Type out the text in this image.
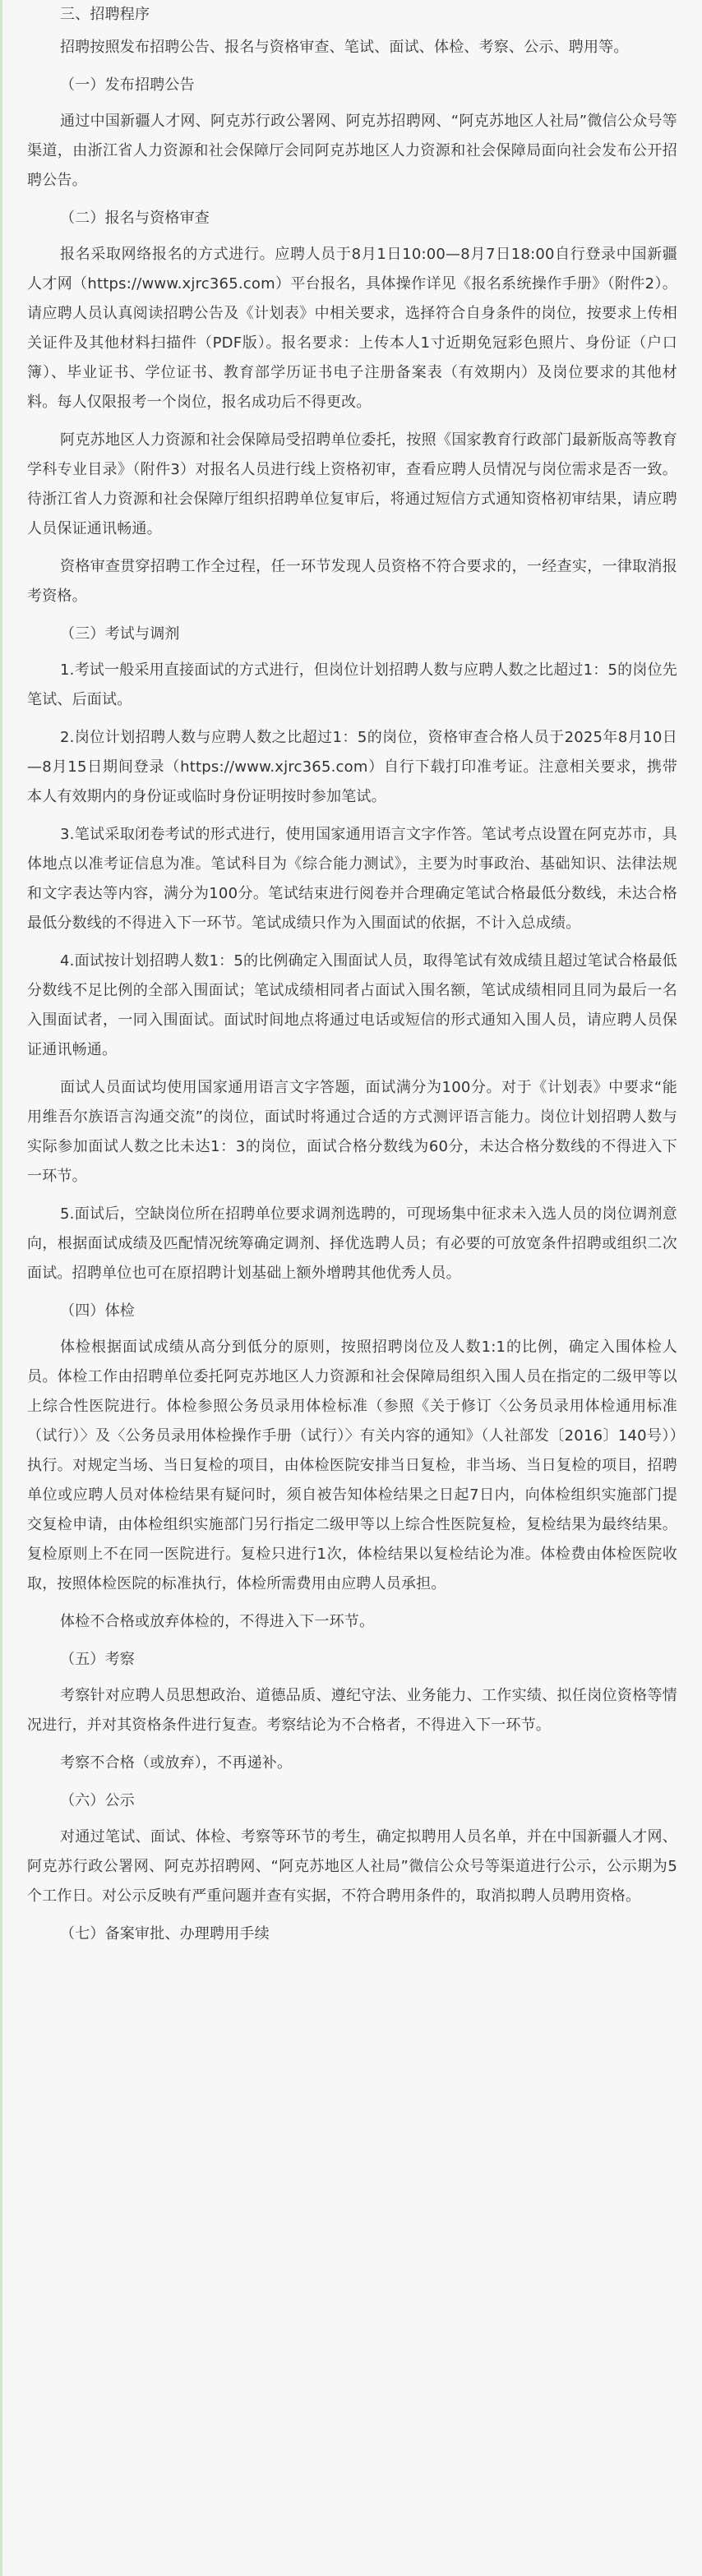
三、招聘程序

招聘按照发布招聘公告、报名与资格审查、笔试、面试、体检、考察、公示、聘用等。

（一）发布招聘公告

通过中国新疆人才网、阿克苏行政公署网、阿克苏招聘网、“阿克苏地区人社局”微信公众号等渠道，由浙江省人力资源和社会保障厅会同阿克苏地区人力资源和社会保障局面向社会发布公开招聘公告。

（二）报名与资格审查

报名采取网络报名的方式进行。应聘人员于8月1日10:00—8月7日18:00自行登录中国新疆人才网（https://www.xjrc365.com）平台报名，具体操作详见《报名系统操作手册》（附件2）。请应聘人员认真阅读招聘公告及《计划表》中相关要求，选择符合自身条件的岗位，按要求上传相关证件及其他材料扫描件（PDF版）。报名要求：上传本人1寸近期免冠彩色照片、身份证（户口簿）、毕业证书、学位证书、教育部学历证书电子注册备案表（有效期内）及岗位要求的其他材料。每人仅限报考一个岗位，报名成功后不得更改。

阿克苏地区人力资源和社会保障局受招聘单位委托，按照《国家教育行政部门最新版高等教育学科专业目录》（附件3）对报名人员进行线上资格初审，查看应聘人员情况与岗位需求是否一致。待浙江省人力资源和社会保障厅组织招聘单位复审后，将通过短信方式通知资格初审结果，请应聘人员保证通讯畅通。

资格审查贯穿招聘工作全过程，任一环节发现人员资格不符合要求的，一经查实，一律取消报考资格。

（三）考试与调剂

1.考试一般采用直接面试的方式进行，但岗位计划招聘人数与应聘人数之比超过1：5的岗位先笔试、后面试。

2.岗位计划招聘人数与应聘人数之比超过1：5的岗位，资格审查合格人员于2025年8月10日—8月15日期间登录（https://www.xjrc365.com）自行下载打印准考证。注意相关要求，携带本人有效期内的身份证或临时身份证明按时参加笔试。

3.笔试采取闭卷考试的形式进行，使用国家通用语言文字作答。笔试考点设置在阿克苏市，具体地点以准考证信息为准。笔试科目为《综合能力测试》，主要为时事政治、基础知识、法律法规和文字表达等内容，满分为100分。笔试结束进行阅卷并合理确定笔试合格最低分数线，未达合格最低分数线的不得进入下一环节。笔试成绩只作为入围面试的依据，不计入总成绩。

4.面试按计划招聘人数1：5的比例确定入围面试人员，取得笔试有效成绩且超过笔试合格最低分数线不足比例的全部入围面试；笔试成绩相同者占面试入围名额，笔试成绩相同且同为最后一名入围面试者，一同入围面试。面试时间地点将通过电话或短信的形式通知入围人员，请应聘人员保证通讯畅通。

面试人员面试均使用国家通用语言文字答题，面试满分为100分。对于《计划表》中要求“能用维吾尔族语言沟通交流”的岗位，面试时将通过合适的方式测评语言能力。岗位计划招聘人数与实际参加面试人数之比未达1：3的岗位，面试合格分数线为60分，未达合格分数线的不得进入下一环节。

5.面试后，空缺岗位所在招聘单位要求调剂选聘的，可现场集中征求未入选人员的岗位调剂意向，根据面试成绩及匹配情况统筹确定调剂、择优选聘人员；有必要的可放宽条件招聘或组织二次面试。招聘单位也可在原招聘计划基础上额外增聘其他优秀人员。

（四）体检

体检根据面试成绩从高分到低分的原则，按照招聘岗位及人数1:1的比例，确定入围体检人员。体检工作由招聘单位委托阿克苏地区人力资源和社会保障局组织入围人员在指定的二级甲等以上综合性医院进行。体检参照公务员录用体检标准（参照《关于修订〈公务员录用体检通用标准（试行）〉及〈公务员录用体检操作手册（试行）〉有关内容的通知》（人社部发〔2016〕140号））执行。对规定当场、当日复检的项目，由体检医院安排当日复检，非当场、当日复检的项目，招聘单位或应聘人员对体检结果有疑问时，须自被告知体检结果之日起7日内，向体检组织实施部门提交复检申请，由体检组织实施部门另行指定二级甲等以上综合性医院复检，复检结果为最终结果。复检原则上不在同一医院进行。复检只进行1次，体检结果以复检结论为准。体检费由体检医院收取，按照体检医院的标准执行，体检所需费用由应聘人员承担。

体检不合格或放弃体检的，不得进入下一环节。

（五）考察

考察针对应聘人员思想政治、道德品质、遵纪守法、业务能力、工作实绩、拟任岗位资格等情况进行，并对其资格条件进行复查。考察结论为不合格者，不得进入下一环节。

考察不合格（或放弃），不再递补。

（六）公示

对通过笔试、面试、体检、考察等环节的考生，确定拟聘用人员名单，并在中国新疆人才网、阿克苏行政公署网、阿克苏招聘网、“阿克苏地区人社局”微信公众号等渠道进行公示，公示期为5个工作日。对公示反映有严重问题并查有实据，不符合聘用条件的，取消拟聘人员聘用资格。

（七）备案审批、办理聘用手续
